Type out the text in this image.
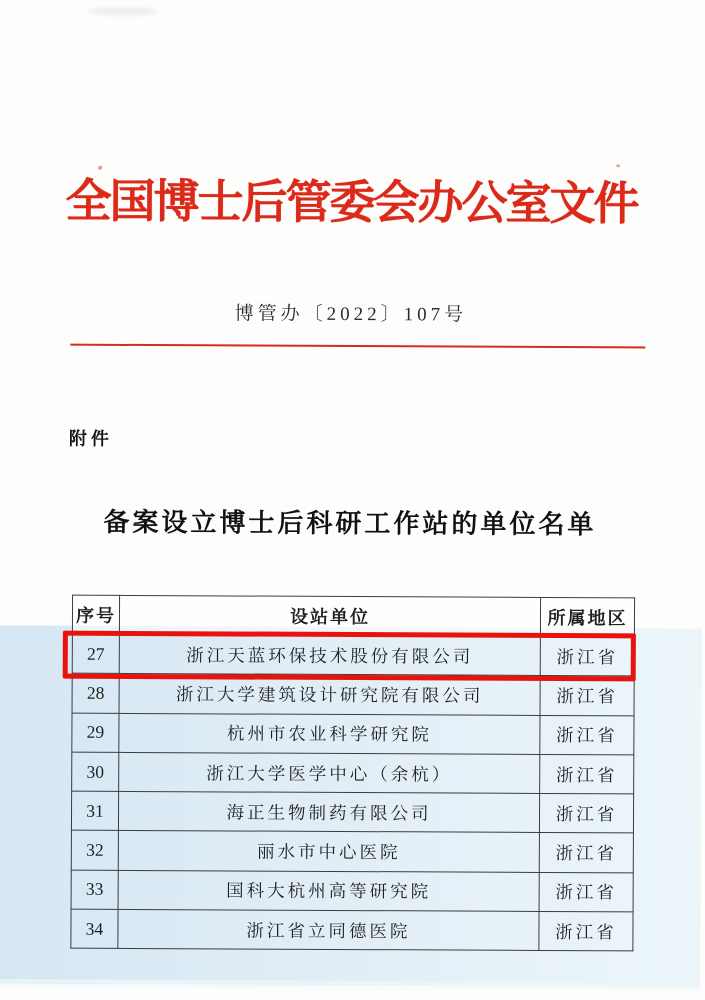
全国博士后管委会办公室文件
博管办〔2022〕107号
附件
备案设立博士后科研工作站的单位名单
序号	设站单位	所属地区
27	浙江天蓝环保技术股份有限公司	浙江省
28	浙江大学建筑设计研究院有限公司	浙江省
29	杭州市农业科学研究院	浙江省
30	浙江大学医学中心（余杭）	浙江省
31	海正生物制药有限公司	浙江省
32	丽水市中心医院	浙江省
33	国科大杭州高等研究院	浙江省
34	浙江省立同德医院	浙江省
